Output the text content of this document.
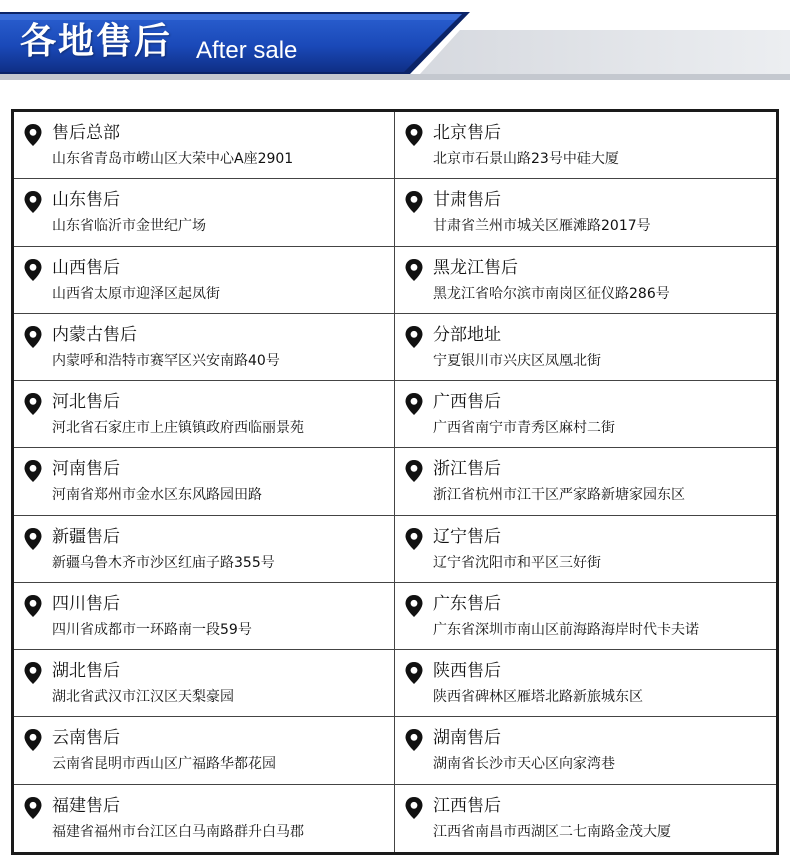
各地售后 After sale
售后总部
山东省青岛市崂山区大荣中心A座2901
北京售后
北京市石景山路23号中硅大厦
山东售后
山东省临沂市金世纪广场
甘肃售后
甘肃省兰州市城关区雁滩路2017号
山西售后
山西省太原市迎泽区起凤街
黑龙江售后
黑龙江省哈尔滨市南岗区征仪路286号
内蒙古售后
内蒙呼和浩特市赛罕区兴安南路40号
分部地址
宁夏银川市兴庆区凤凰北街
河北售后
河北省石家庄市上庄镇镇政府西临丽景苑
广西售后
广西省南宁市青秀区麻村二街
河南售后
河南省郑州市金水区东风路园田路
浙江售后
浙江省杭州市江干区严家路新塘家园东区
新疆售后
新疆乌鲁木齐市沙区红庙子路355号
辽宁售后
辽宁省沈阳市和平区三好街
四川售后
四川省成都市一环路南一段59号
广东售后
广东省深圳市南山区前海路海岸时代卡夫诺
湖北售后
湖北省武汉市江汉区天梨豪园
陕西售后
陕西省碑林区雁塔北路新旅城东区
云南售后
云南省昆明市西山区广福路华都花园
湖南售后
湖南省长沙市天心区向家湾巷
福建售后
福建省福州市台江区白马南路群升白马郡
江西售后
江西省南昌市西湖区二七南路金茂大厦
